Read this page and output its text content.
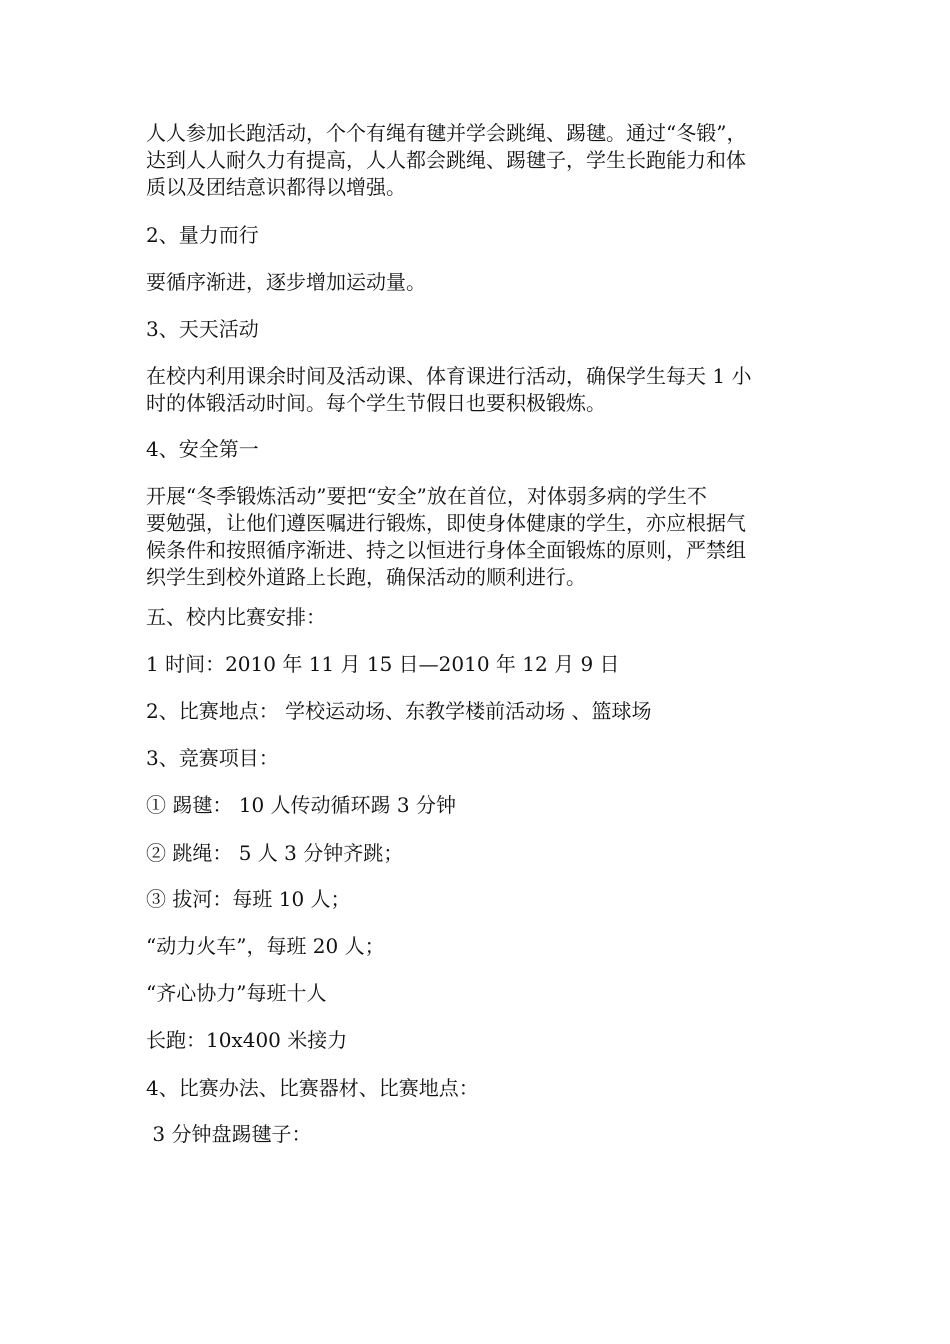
人人参加长跑活动，个个有绳有毽并学会跳绳、踢毽。通过“冬锻”，
达到人人耐久力有提高，人人都会跳绳、踢毽子，学生长跑能力和体
质以及团结意识都得以增强。

2、量力而行

要循序渐进，逐步增加运动量。

3、天天活动

在校内利用课余时间及活动课、体育课进行活动，确保学生每天 1 小
时的体锻活动时间。每个学生节假日也要积极锻炼。

4、安全第一

开展“冬季锻炼活动”要把“安全”放在首位，对体弱多病的学生不
要勉强，让他们遵医嘱进行锻炼，即使身体健康的学生，亦应根据气
候条件和按照循序渐进、持之以恒进行身体全面锻炼的原则，严禁组
织学生到校外道路上长跑，确保活动的顺利进行。

五、校内比赛安排：

1 时间：2010 年 11 月 15 日—2010 年 12 月 9 日

2、比赛地点： 学校运动场、东教学楼前活动场 、篮球场

3、竞赛项目：

① 踢毽： 10 人传动循环踢 3 分钟

② 跳绳： 5 人 3 分钟齐跳；

③ 拔河：每班 10 人；

“动力火车”，每班 20 人；

“齐心协力”每班十人

长跑：10x400 米接力

4、比赛办法、比赛器材、比赛地点：

3 分钟盘踢毽子：
